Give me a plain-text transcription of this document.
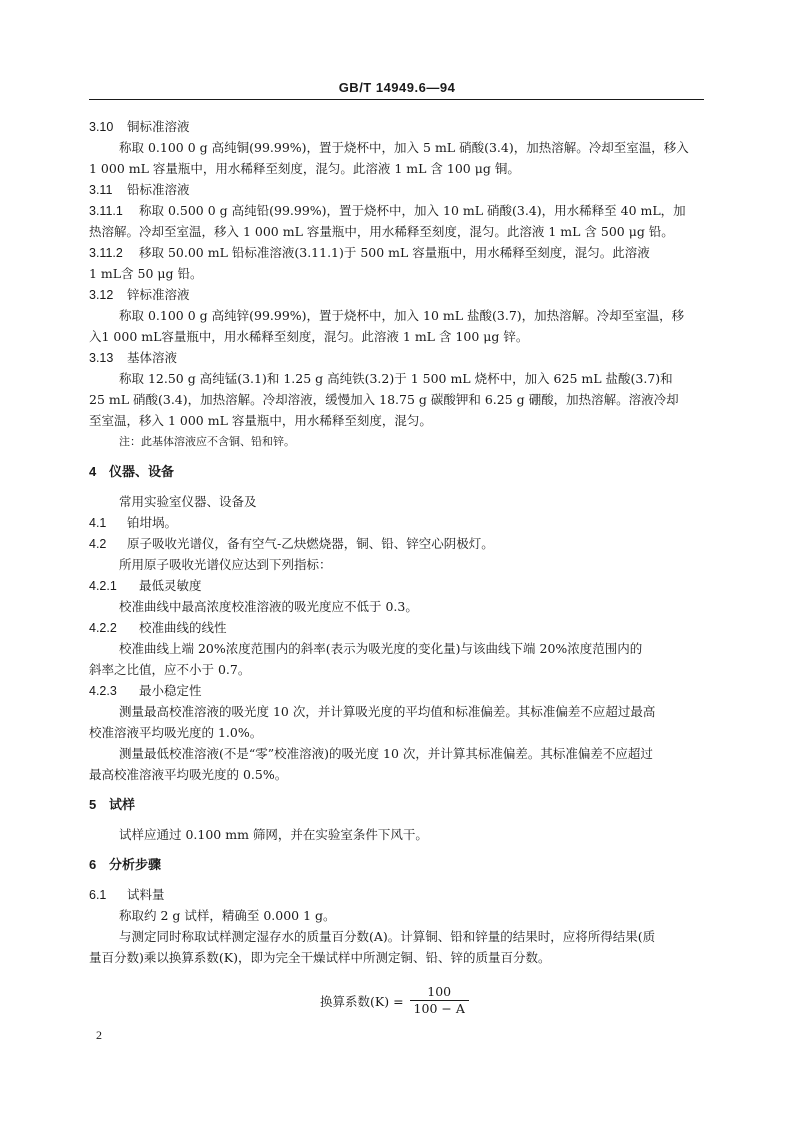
GB/T 14949.6—94
3.10 铜标准溶液
称取 0.100 0 g 高纯铜(99.99%)，置于烧杯中，加入 5 mL 硝酸(3.4)，加热溶解。冷却至室温，移入
1 000 mL 容量瓶中，用水稀释至刻度，混匀。此溶液 1 mL 含 100 μg 铜。
3.11 铅标准溶液
3.11.1 称取 0.500 0 g 高纯铅(99.99%)，置于烧杯中，加入 10 mL 硝酸(3.4)，用水稀释至 40 mL，加
热溶解。冷却至室温，移入 1 000 mL 容量瓶中，用水稀释至刻度，混匀。此溶液 1 mL 含 500 μg 铅。
3.11.2 移取 50.00 mL 铅标准溶液(3.11.1)于 500 mL 容量瓶中，用水稀释至刻度，混匀。此溶液
1 mL含 50 μg 铅。
3.12 锌标准溶液
称取 0.100 0 g 高纯锌(99.99%)，置于烧杯中，加入 10 mL 盐酸(3.7)，加热溶解。冷却至室温，移
入1 000 mL容量瓶中，用水稀释至刻度，混匀。此溶液 1 mL 含 100 μg 锌。
3.13 基体溶液
称取 12.50 g 高纯锰(3.1)和 1.25 g 高纯铁(3.2)于 1 500 mL 烧杯中，加入 625 mL 盐酸(3.7)和
25 mL 硝酸(3.4)，加热溶解。冷却溶液，缓慢加入 18.75 g 碳酸钾和 6.25 g 硼酸，加热溶解。溶液冷却
至室温，移入 1 000 mL 容量瓶中，用水稀释至刻度，混匀。
注：此基体溶液应不含铜、铅和锌。
4 仪器、设备
常用实验室仪器、设备及
4.1 铂坩埚。
4.2 原子吸收光谱仪，备有空气-乙炔燃烧器，铜、铅、锌空心阴极灯。
所用原子吸收光谱仪应达到下列指标：
4.2.1 最低灵敏度
校准曲线中最高浓度校准溶液的吸光度应不低于 0.3。
4.2.2 校准曲线的线性
校准曲线上端 20%浓度范围内的斜率(表示为吸光度的变化量)与该曲线下端 20%浓度范围内的
斜率之比值，应不小于 0.7。
4.2.3 最小稳定性
测量最高校准溶液的吸光度 10 次，并计算吸光度的平均值和标准偏差。其标准偏差不应超过最高
校准溶液平均吸光度的 1.0%。
测量最低校准溶液(不是“零”校准溶液)的吸光度 10 次，并计算其标准偏差。其标准偏差不应超过
最高校准溶液平均吸光度的 0.5%。
5 试样
试样应通过 0.100 mm 筛网，并在实验室条件下风干。
6 分析步骤
6.1 试料量
称取约 2 g 试样，精确至 0.000 1 g。
与测定同时称取试样测定湿存水的质量百分数(A)。计算铜、铅和锌量的结果时，应将所得结果(质
量百分数)乘以换算系数(K)，即为完全干燥试样中所测定铜、铅、锌的质量百分数。
换算系数$(K) = \frac{100}{100 - A}$
2
